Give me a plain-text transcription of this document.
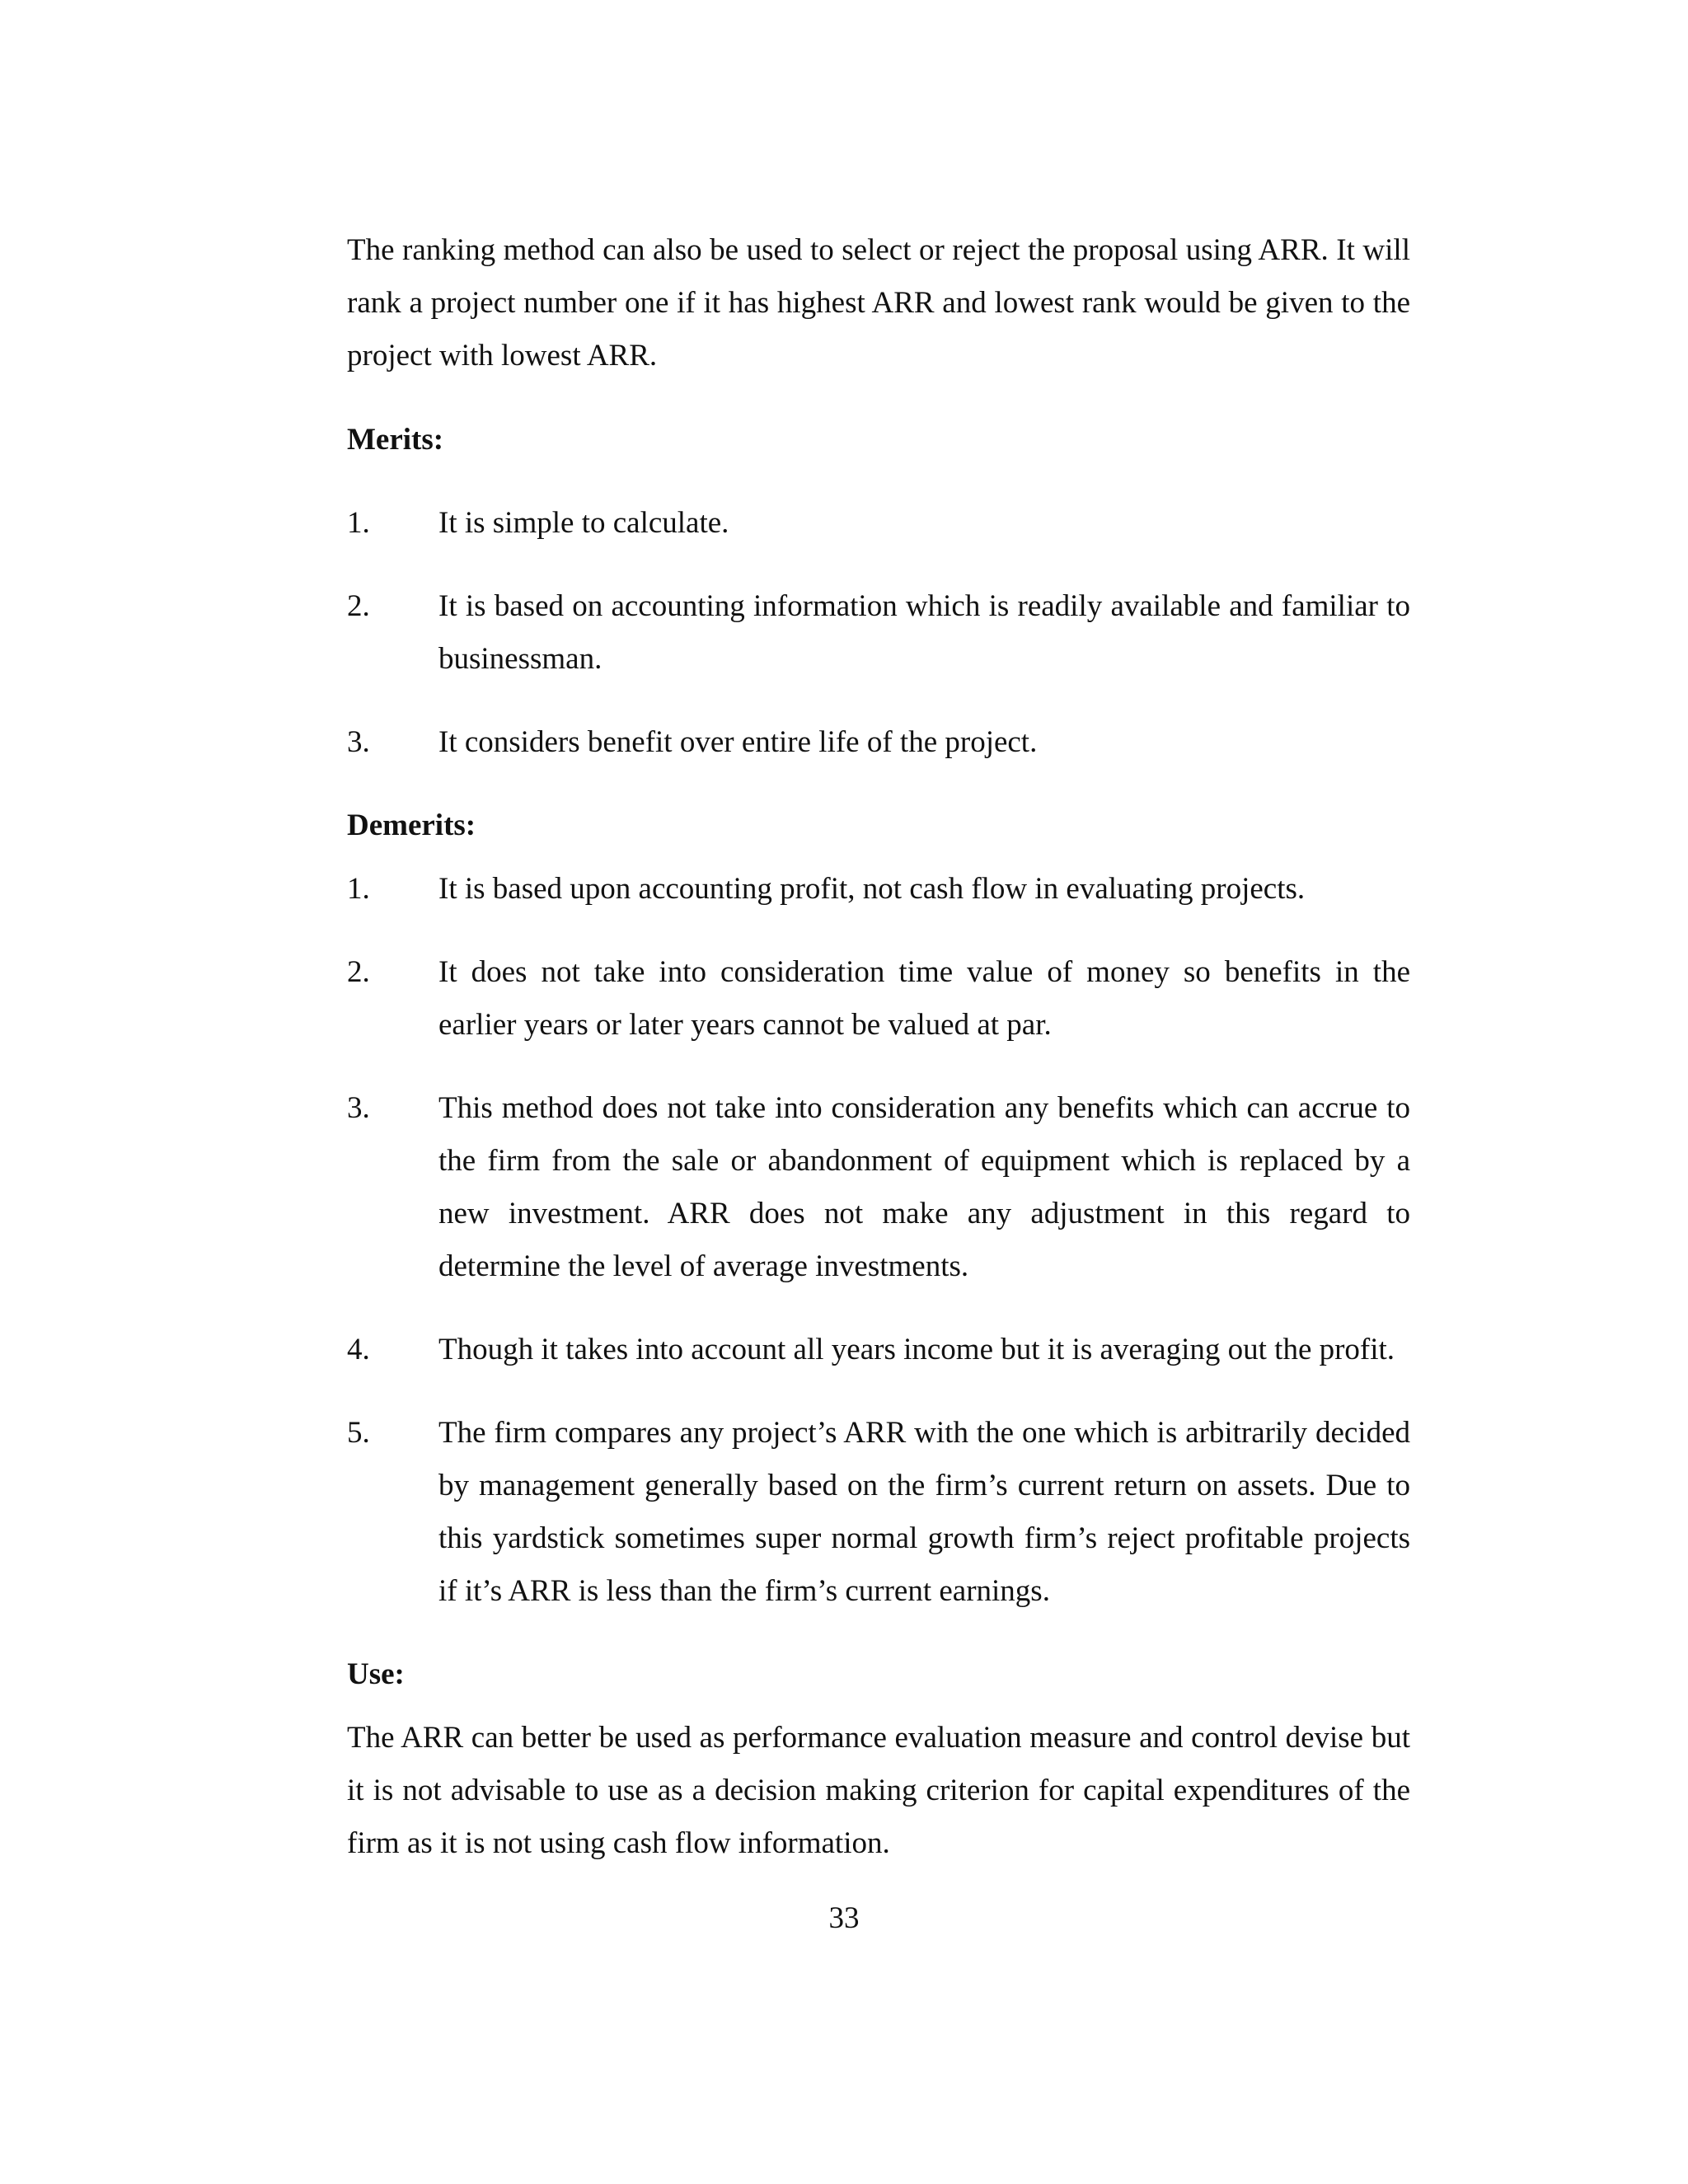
The ranking method can also be used to select or reject the proposal using ARR. It will rank a project number one if it has highest ARR and lowest rank would be given to the project with lowest ARR.

Merits:
1.	It is simple to calculate.
2.	It is based on accounting information which is readily available and familiar to businessman.
3.	It considers benefit over entire life of the project.
Demerits:
1.	It is based upon accounting profit, not cash flow in evaluating projects.
2.	It does not take into consideration time value of money so benefits in the earlier years or later years cannot be valued at par.
3.	This method does not take into consideration any benefits which can accrue to the firm from the sale or abandonment of equipment which is replaced by a new investment. ARR does not make any adjustment in this regard to determine the level of average investments.
4.	Though it takes into account all years income but it is averaging out the profit.
5.	The firm compares any project’s ARR with the one which is arbitrarily decided by management generally based on the firm’s current return on assets. Due to this yardstick sometimes super normal growth firm’s reject profitable projects if it’s ARR is less than the firm’s current earnings.
Use:

The ARR can better be used as performance evaluation measure and control devise but it is not advisable to use as a decision making criterion for capital expenditures of the firm as it is not using cash flow information.

33
